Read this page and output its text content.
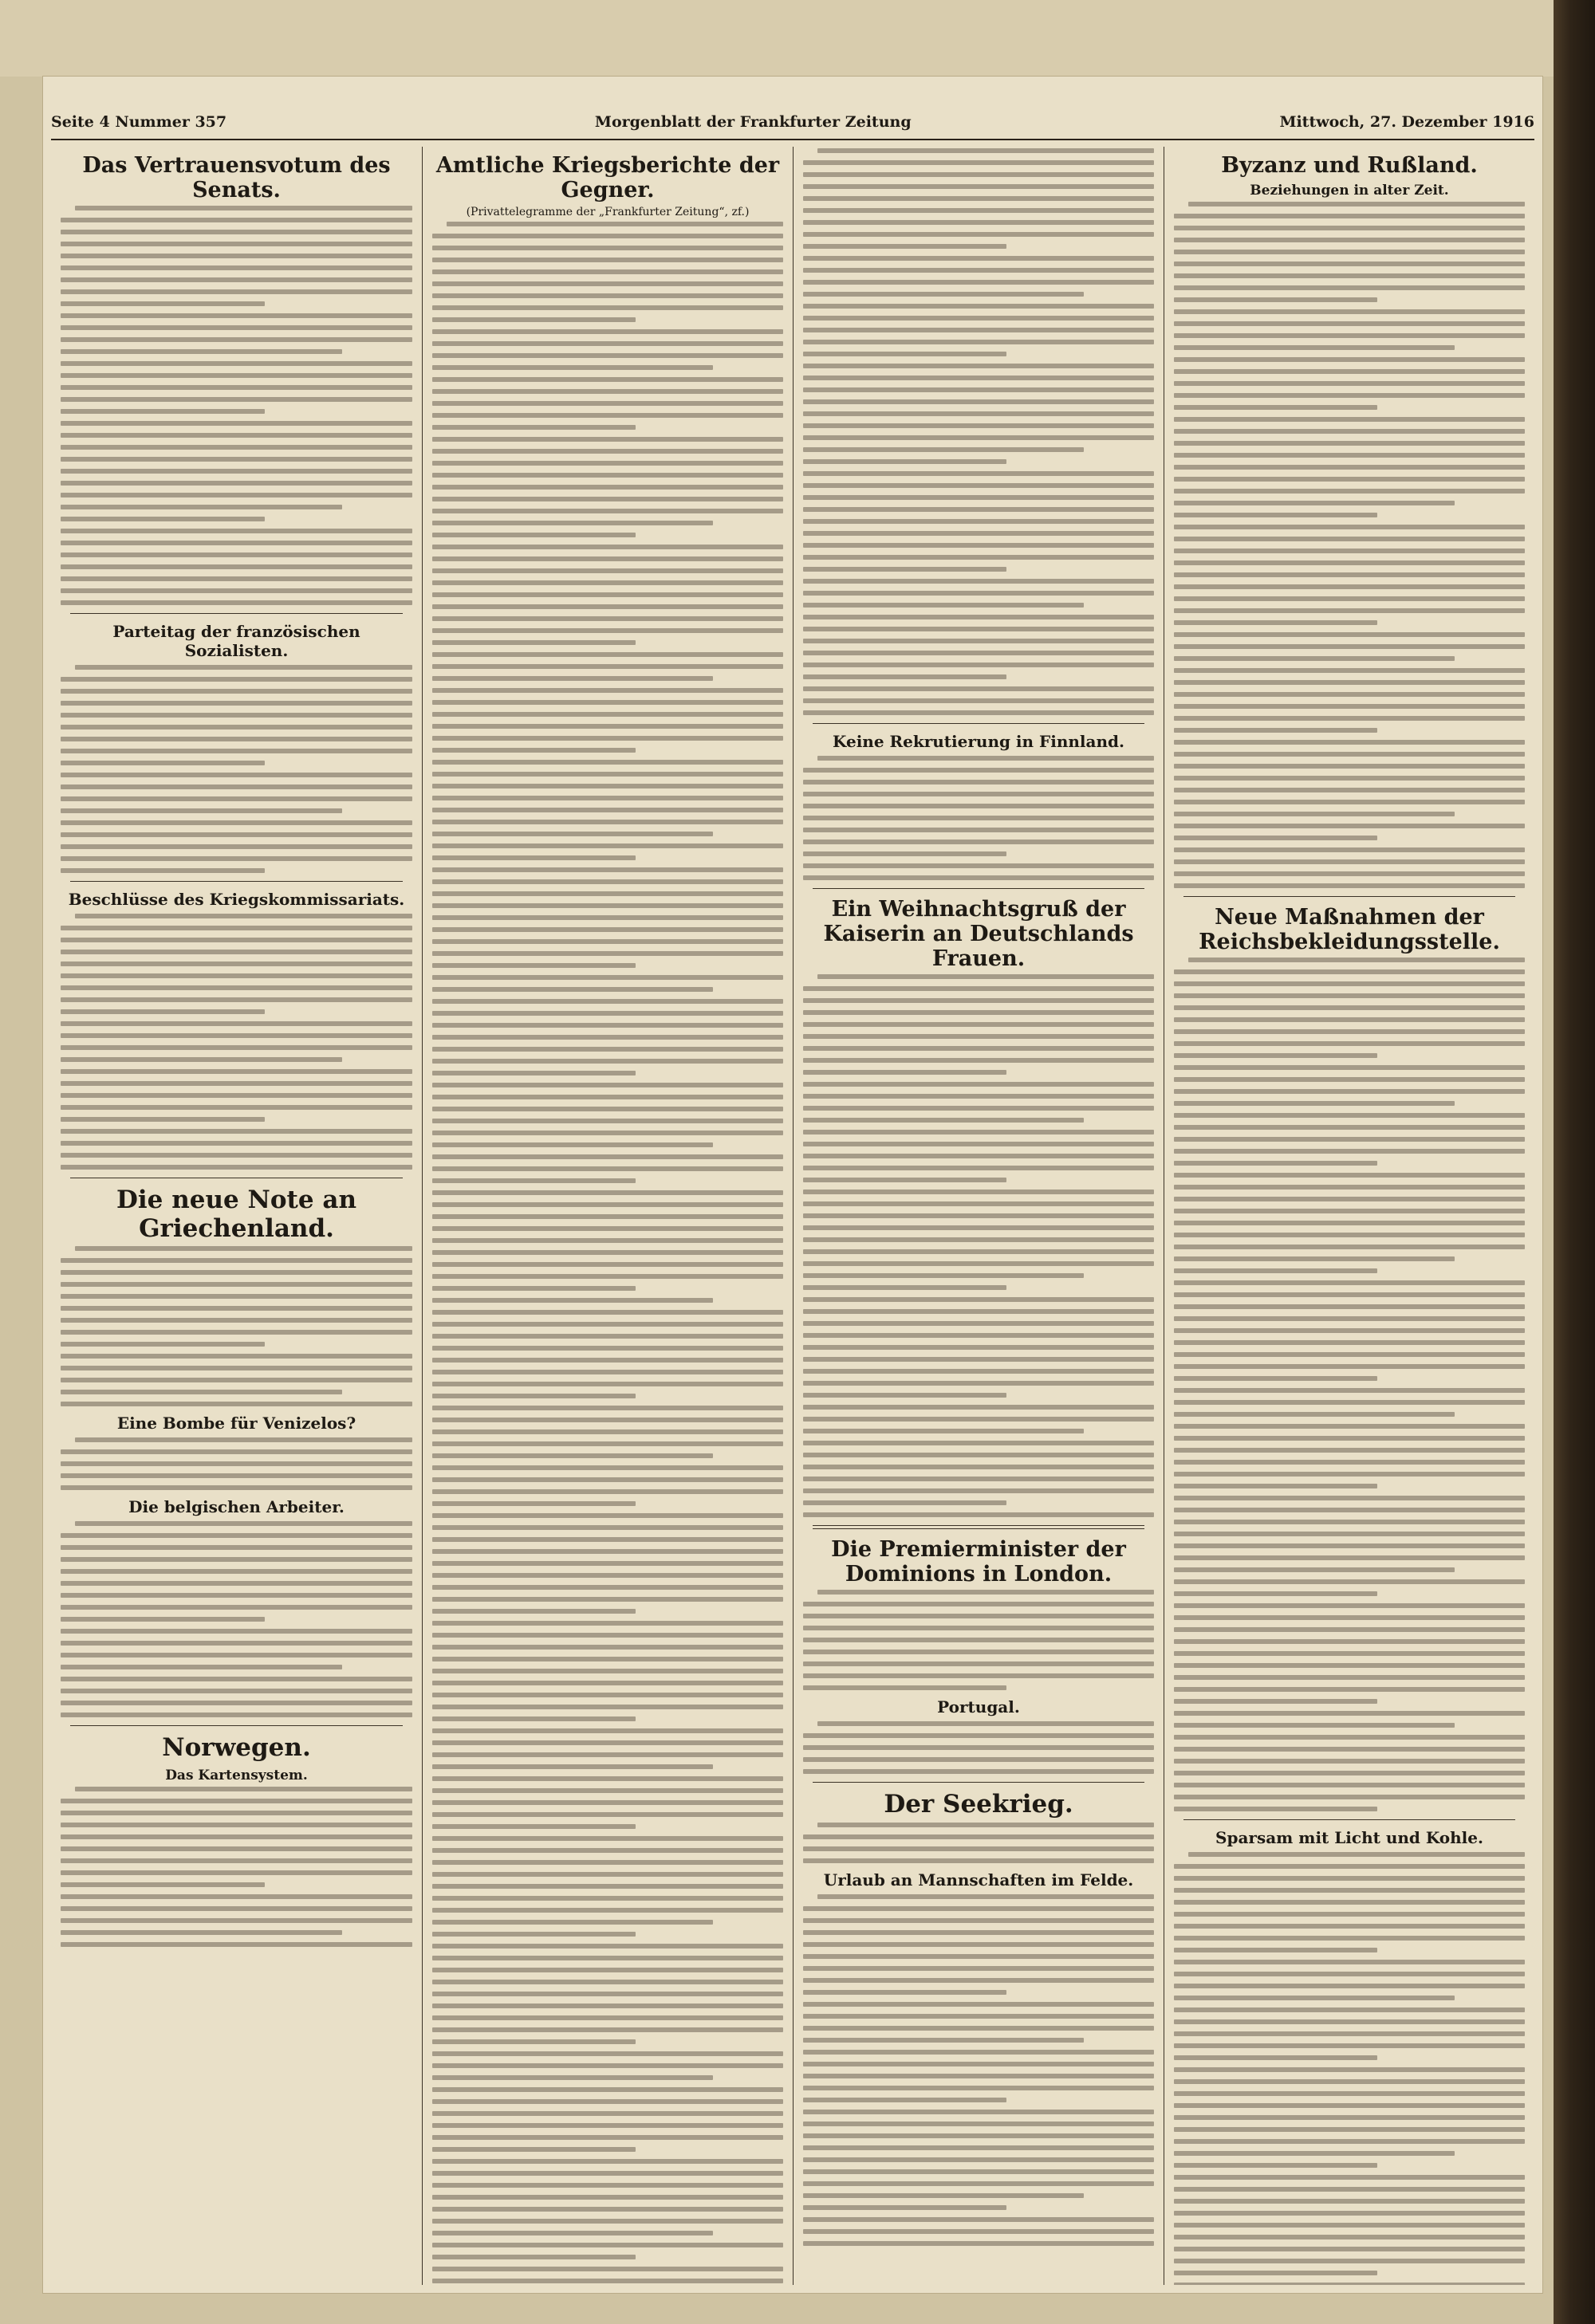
Seite 4 Nummer 357	Morgenblatt der Frankfurter Zeitung	Mittwoch, 27. Dezember 1916
Das Vertrauensvotum des Senats.
Parteitag der französischen Sozialisten.
Beschlüsse des Kriegskommissariats.
Die neue Note an Griechenland.
Eine Bombe für Venizelos?
Die belgischen Arbeiter.
Norwegen.
Das Kartensystem.
Amtliche Kriegsberichte der Gegner.
(Privattelegramme der „Frankfurter Zeitung“, zf.)
Keine Rekrutierung in Finnland.
Ein Weihnachtsgruß der Kaiserin an Deutschlands Frauen.
Die Premierminister der Dominions in London.
Portugal.
Der Seekrieg.
Urlaub an Mannschaften im Felde.
Byzanz und Rußland.
Beziehungen in alter Zeit.
Neue Maßnahmen der Reichsbekleidungsstelle.
Sparsam mit Licht und Kohle.
